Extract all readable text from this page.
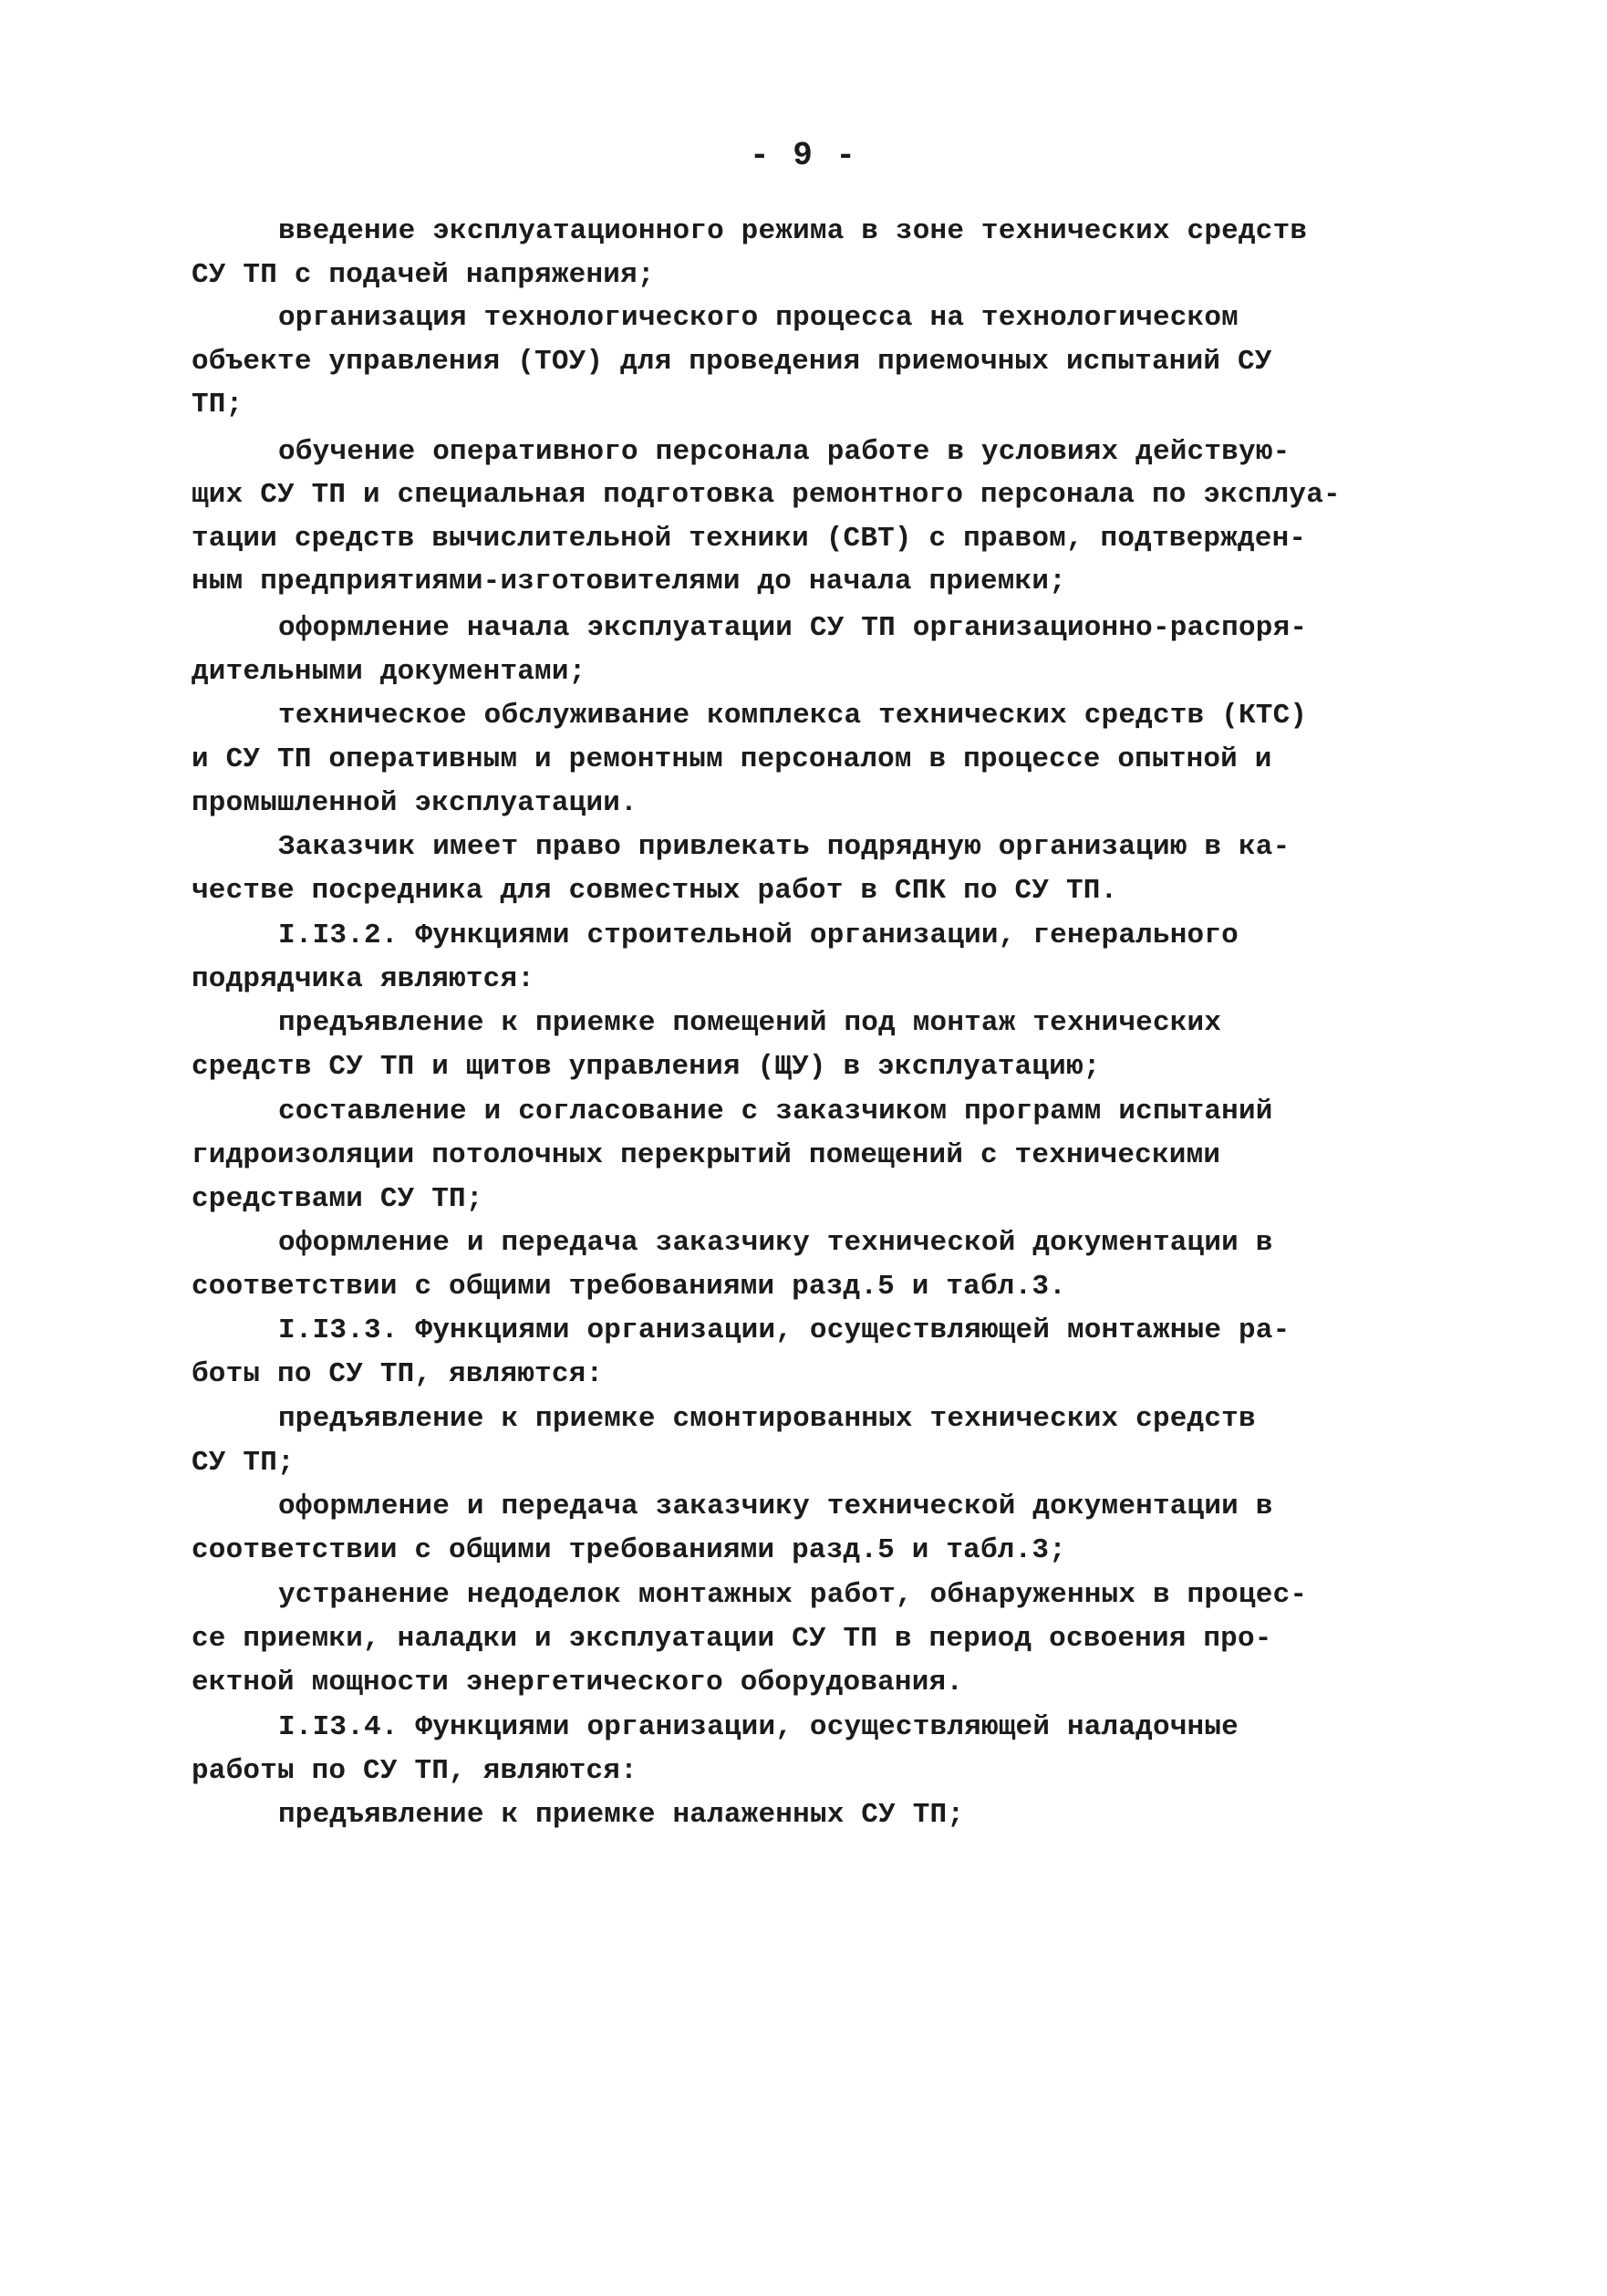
- 9 -
введение эксплуатационного режима в зоне технических средств
СУ ТП с подачей напряжения;
организация технологического процесса на технологическом
объекте управления (ТОУ) для проведения приемочных испытаний СУ
ТП;
обучение оперативного персонала работе в условиях действую-
щих СУ ТП и специальная подготовка ремонтного персонала по эксплуа-
тации средств вычислительной техники (СВТ) с правом, подтвержден-
ным предприятиями-изготовителями до начала приемки;
оформление начала эксплуатации СУ ТП организационно-распоря-
дительными документами;
техническое обслуживание комплекса технических средств (КТС)
и СУ ТП оперативным и ремонтным персоналом в процессе опытной и
промышленной эксплуатации.
Заказчик имеет право привлекать подрядную организацию в ка-
честве посредника для совместных работ в СПК по СУ ТП.
I.I3.2. Функциями строительной организации, генерального
подрядчика являются:
предъявление к приемке помещений под монтаж технических
средств СУ ТП и щитов управления (ЩУ) в эксплуатацию;
составление и согласование с заказчиком программ испытаний
гидроизоляции потолочных перекрытий помещений с техническими
средствами СУ ТП;
оформление и передача заказчику технической документации в
соответствии с общими требованиями разд.5 и табл.3.
I.I3.3. Функциями организации, осуществляющей монтажные ра-
боты по СУ ТП, являются:
предъявление к приемке смонтированных технических средств
СУ ТП;
оформление и передача заказчику технической документации в
соответствии с общими требованиями разд.5 и табл.3;
устранение недоделок монтажных работ, обнаруженных в процес-
се приемки, наладки и эксплуатации СУ ТП в период освоения про-
ектной мощности энергетического оборудования.
I.I3.4. Функциями организации, осуществляющей наладочные
работы по СУ ТП, являются:
предъявление к приемке налаженных СУ ТП;
